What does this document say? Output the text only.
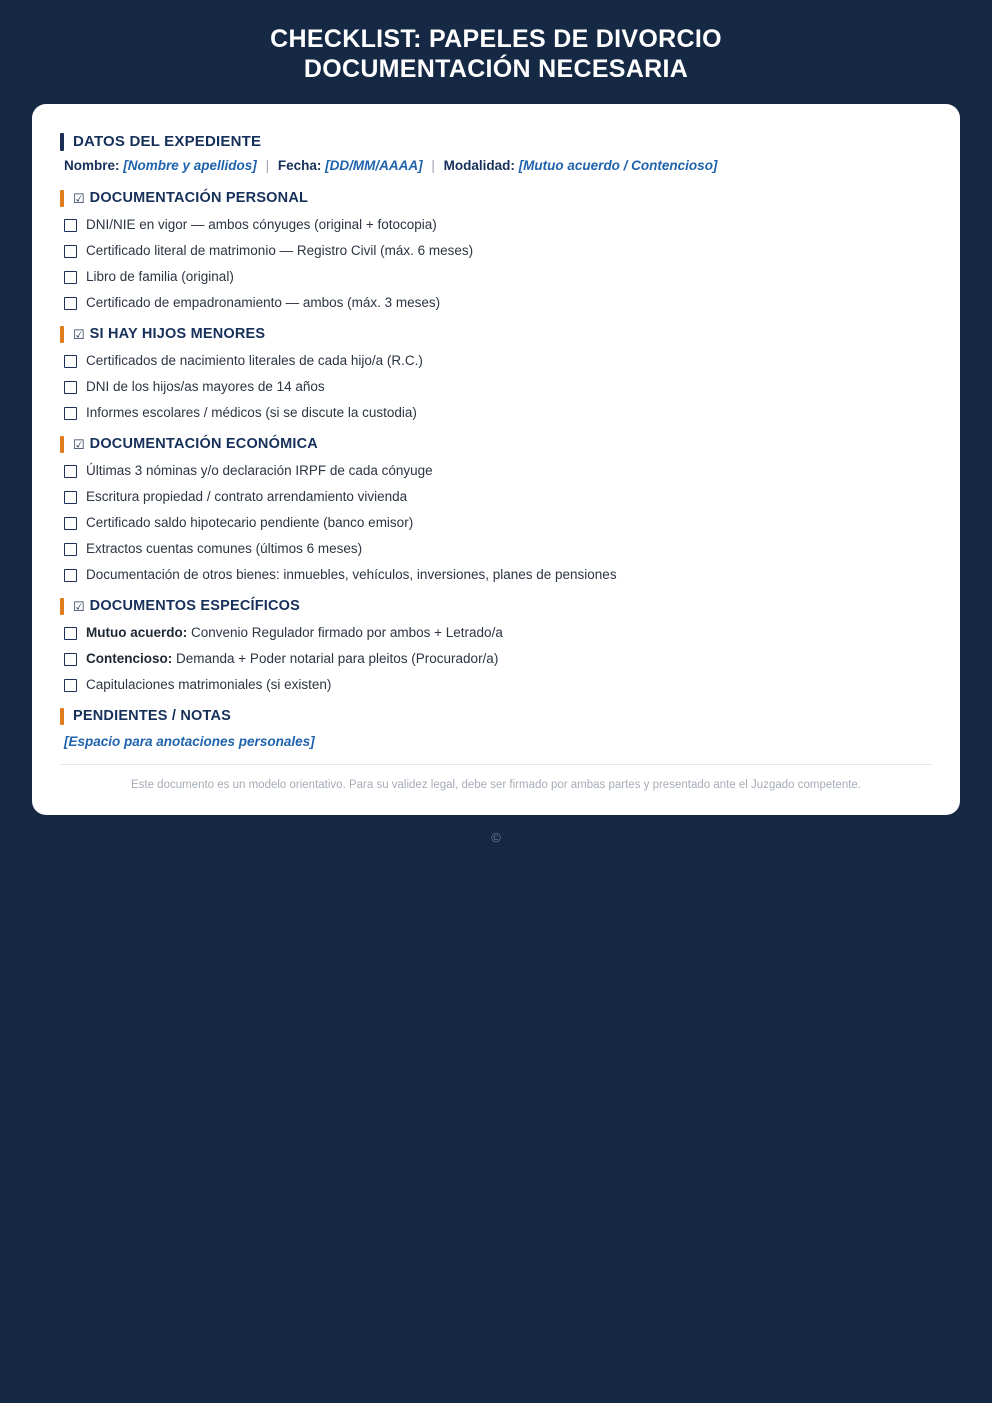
CHECKLIST: PAPELES DE DIVORCIO
DOCUMENTACIÓN NECESARIA
DATOS DEL EXPEDIENTE
Nombre: [Nombre y apellidos] | Fecha: [DD/MM/AAAA] | Modalidad: [Mutuo acuerdo / Contencioso]
☑ DOCUMENTACIÓN PERSONAL
DNI/NIE en vigor — ambos cónyuges (original + fotocopia)
Certificado literal de matrimonio — Registro Civil (máx. 6 meses)
Libro de familia (original)
Certificado de empadronamiento — ambos (máx. 3 meses)
☑ SI HAY HIJOS MENORES
Certificados de nacimiento literales de cada hijo/a (R.C.)
DNI de los hijos/as mayores de 14 años
Informes escolares / médicos (si se discute la custodia)
☑ DOCUMENTACIÓN ECONÓMICA
Últimas 3 nóminas y/o declaración IRPF de cada cónyuge
Escritura propiedad / contrato arrendamiento vivienda
Certificado saldo hipotecario pendiente (banco emisor)
Extractos cuentas comunes (últimos 6 meses)
Documentación de otros bienes: inmuebles, vehículos, inversiones, planes de pensiones
☑ DOCUMENTOS ESPECÍFICOS
Mutuo acuerdo: Convenio Regulador firmado por ambos + Letrado/a
Contencioso: Demanda + Poder notarial para pleitos (Procurador/a)
Capitulaciones matrimoniales (si existen)
PENDIENTES / NOTAS
[Espacio para anotaciones personales]

Este documento es un modelo orientativo. Para su validez legal, debe ser firmado por ambas partes y presentado ante el Juzgado competente.

©
